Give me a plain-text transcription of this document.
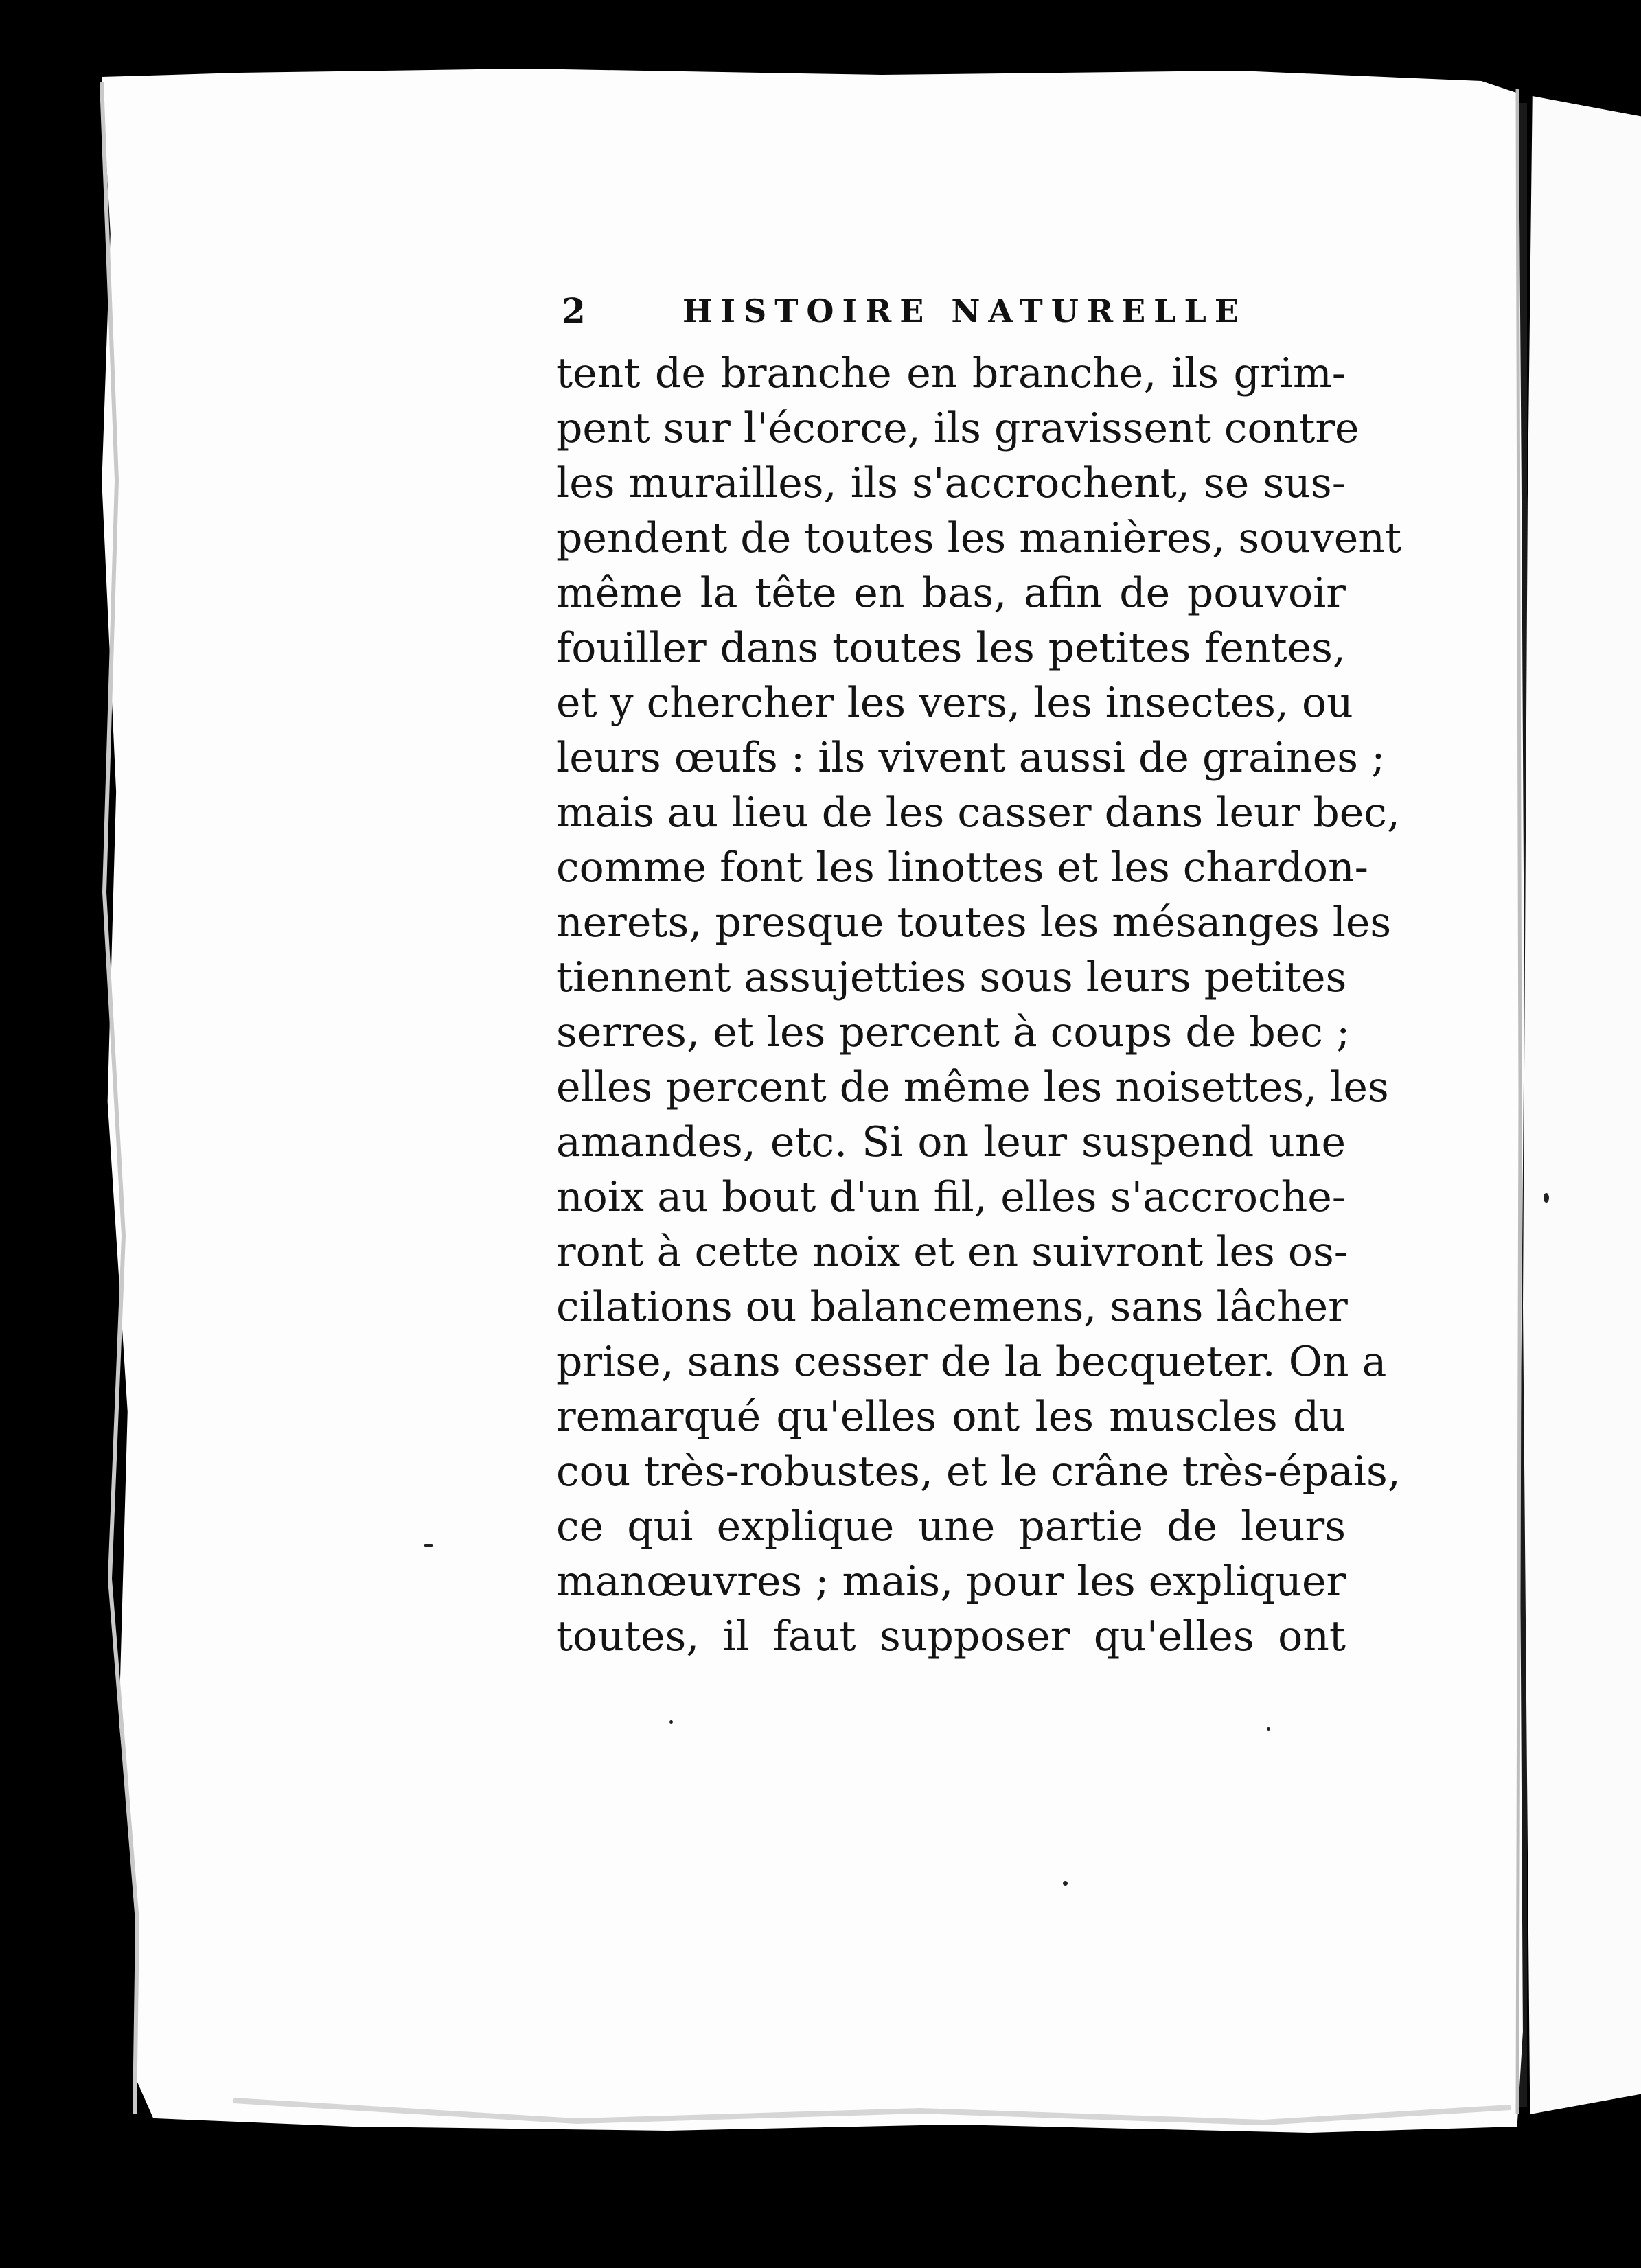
2	HISTOIRE NATURELLE
tent de branche en branche, ils grim-
pent sur l'écorce, ils gravissent contre
les murailles, ils s'accrochent, se sus-
pendent de toutes les manières, souvent
même la tête en bas, afin de pouvoir
fouiller dans toutes les petites fentes,
et y chercher les vers, les insectes, ou
leurs œufs : ils vivent aussi de graines ;
mais au lieu de les casser dans leur bec,
comme font les linottes et les chardon-
nerets, presque toutes les mésanges les
tiennent assujetties sous leurs petites
serres, et les percent à coups de bec ;
elles percent de même les noisettes, les
amandes, etc. Si on leur suspend une
noix au bout d'un fil, elles s'accroche-
ront à cette noix et en suivront les os-
cilations ou balancemens, sans lâcher
prise, sans cesser de la becqueter. On a
remarqué qu'elles ont les muscles du
cou très-robustes, et le crâne très-épais,
ce qui explique une partie de leurs
manœuvres ; mais, pour les expliquer
toutes, il faut supposer qu'elles ont
